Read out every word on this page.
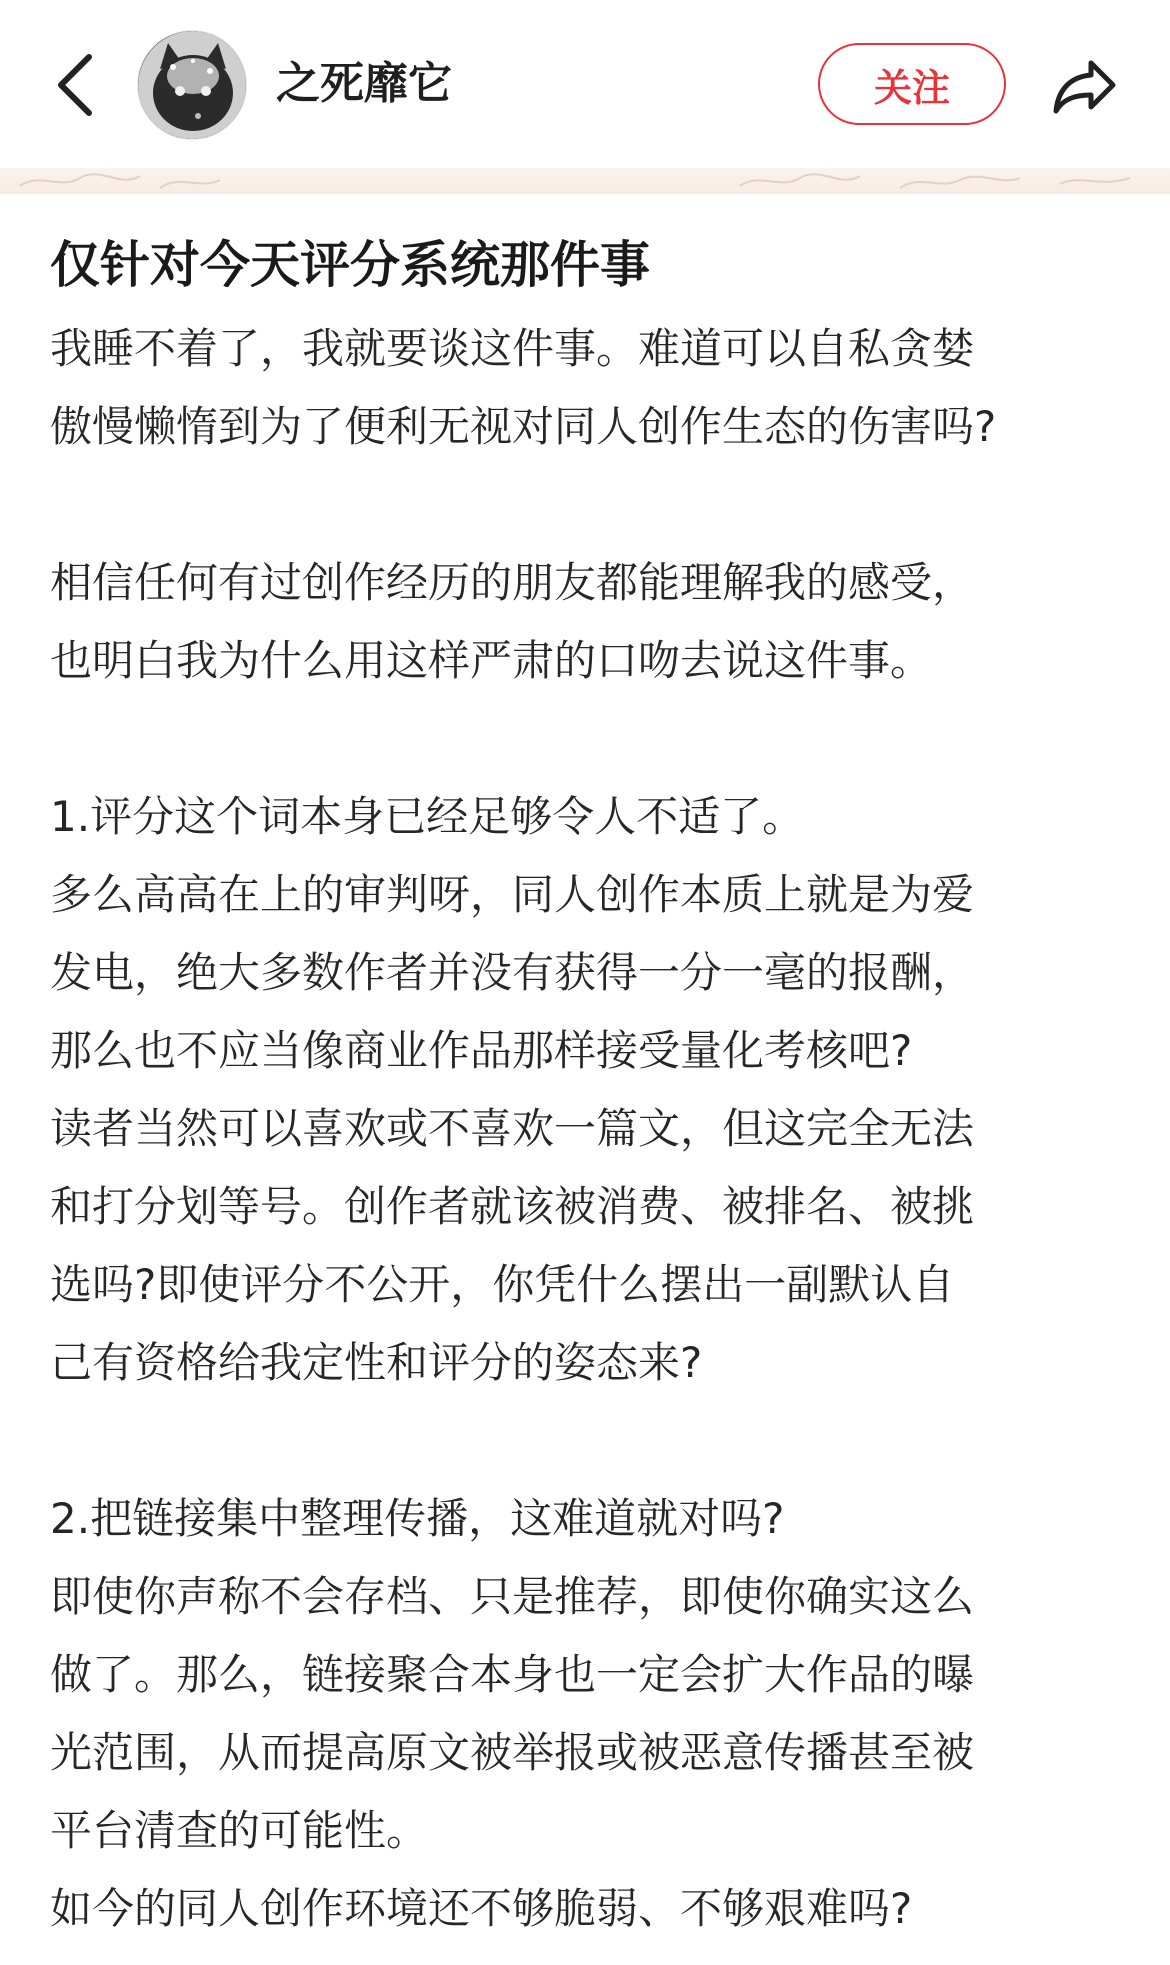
之死靡它	关注
仅针对今天评分系统那件事
我睡不着了，我就要谈这件事。难道可以自私贪婪
傲慢懒惰到为了便利无视对同人创作生态的伤害吗?
相信任何有过创作经历的朋友都能理解我的感受，
也明白我为什么用这样严肃的口吻去说这件事。
1.评分这个词本身已经足够令人不适了。
多么高高在上的审判呀，同人创作本质上就是为爱
发电，绝大多数作者并没有获得一分一毫的报酬，
那么也不应当像商业作品那样接受量化考核吧?
读者当然可以喜欢或不喜欢一篇文，但这完全无法
和打分划等号。创作者就该被消费、被排名、被挑
选吗?即使评分不公开，你凭什么摆出一副默认自
己有资格给我定性和评分的姿态来?
2.把链接集中整理传播，这难道就对吗?
即使你声称不会存档、只是推荐，即使你确实这么
做了。那么，链接聚合本身也一定会扩大作品的曝
光范围，从而提高原文被举报或被恶意传播甚至被
平台清查的可能性。
如今的同人创作环境还不够脆弱、不够艰难吗?
